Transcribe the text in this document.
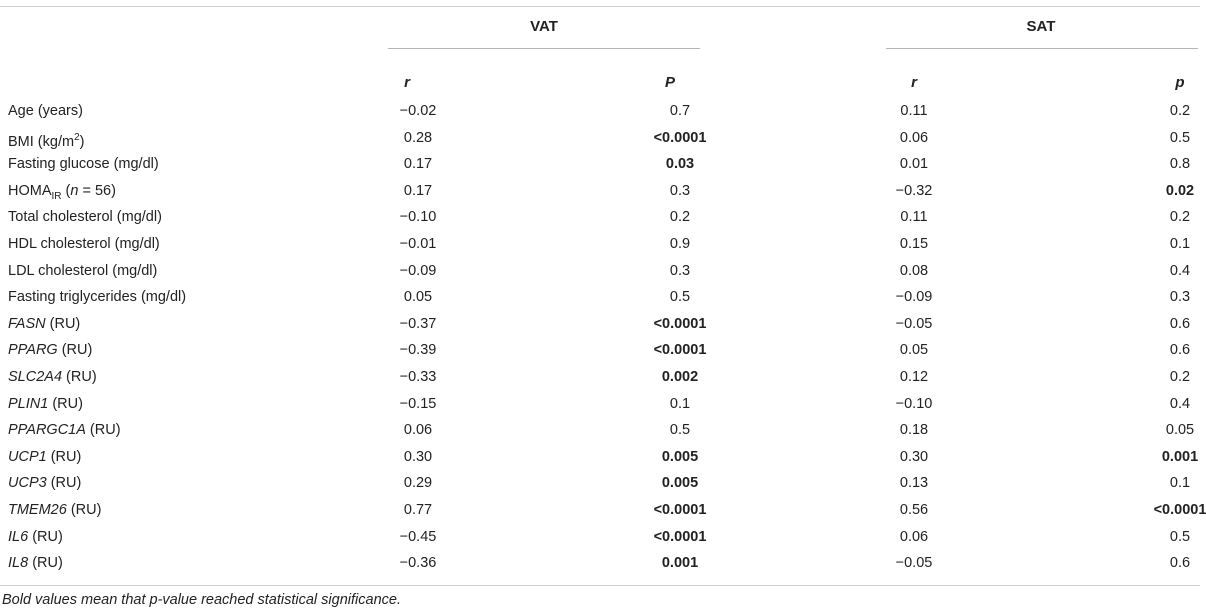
VAT	SAT
r	P	r	p
Age (years)	−0.02	0.7	0.11	0.2
BMI $(kg/m^2)$	0.28	<0.0001	0.06	0.5
Fasting glucose (mg/dl)	0.17	0.03	0.01	0.8
$HOMA_{IR}$ (n = 56)	0.17	0.3	−0.32	0.02
Total cholesterol (mg/dl)	−0.10	0.2	0.11	0.2
HDL cholesterol (mg/dl)	−0.01	0.9	0.15	0.1
LDL cholesterol (mg/dl)	−0.09	0.3	0.08	0.4
Fasting triglycerides (mg/dl)	0.05	0.5	−0.09	0.3
FASN (RU)	−0.37	<0.0001	−0.05	0.6
PPARG (RU)	−0.39	<0.0001	0.05	0.6
SLC2A4 (RU)	−0.33	0.002	0.12	0.2
PLIN1 (RU)	−0.15	0.1	−0.10	0.4
PPARGC1A (RU)	0.06	0.5	0.18	0.05
UCP1 (RU)	0.30	0.005	0.30	0.001
UCP3 (RU)	0.29	0.005	0.13	0.1
TMEM26 (RU)	0.77	<0.0001	0.56	<0.0001
IL6 (RU)	−0.45	<0.0001	0.06	0.5
IL8 (RU)	−0.36	0.001	−0.05	0.6
Bold values mean that p-value reached statistical significance.
